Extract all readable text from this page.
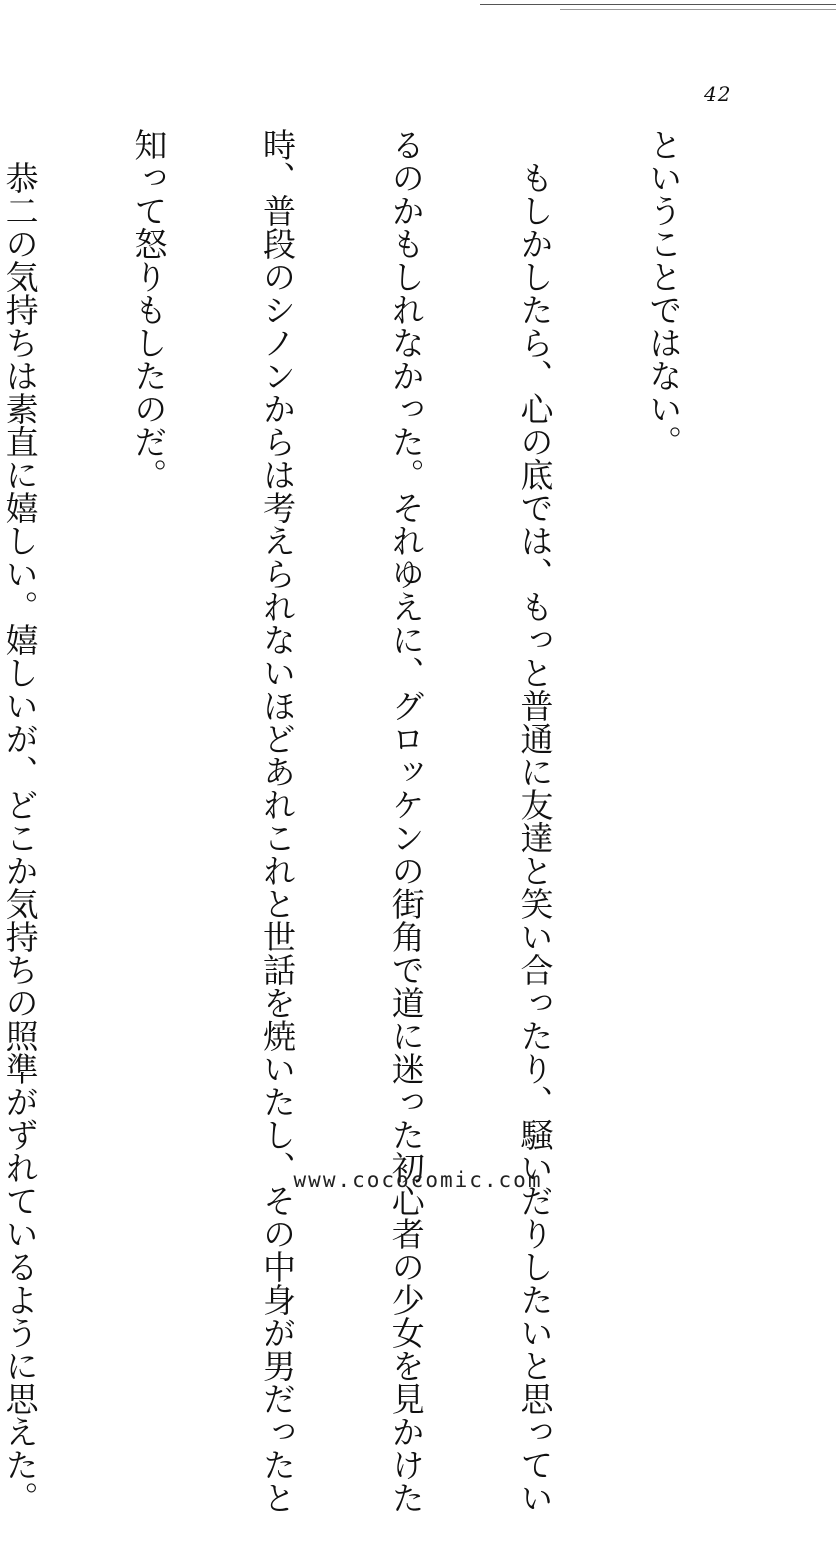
42

ということではない。

　もしかしたら、心の底では、もっと普通に友達と笑い合ったり、騒いだりしたいと思ってい

るのかもしれなかった。それゆえに、グロッケンの街角で道に迷った初心者の少女を見かけた

時、普段のシノンからは考えられないほどあれこれと世話を焼いたし、その中身が男だったと

知って怒りもしたのだ。

　恭二の気持ちは素直に嬉しい。嬉しいが、どこか気持ちの照準がずれているように思えた。

	www.cococomic.com
